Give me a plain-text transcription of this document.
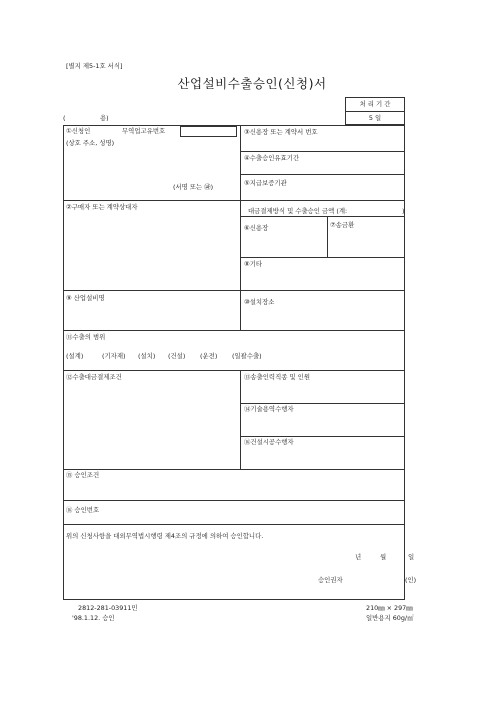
[별지 제5-1호 서식]
산업설비수출승인(신청)서
처 리 기 간
5 일
(	용)
①신청인	무역업고유번호
(상호 주소, 성명)
(서명 또는 ㉺)
②구매자 또는 계약상대자
⑨ 산업설비명
③신용장 또는 계약서 번호
④수출승인유효기간
⑤지급보증기관
대금결제방식 및 수출승인 금액 (계:	)
⑥신용장	⑦송금환
⑧기타
⑩설치장소
⑪수출의 범위
(설계)	(기자재) (설치) (건설) (운전) (일괄수출)
⑫수출대금결제조건	⑬송출인력직종 및 인원
⑭기술용역수행자
⑯건설시공수행자
⑮ 승인조건
⑯ 승인번호
위의 신청사항을 대외무역법시행령 제4조의 규정에 의하여 승인합니다.
년	월	일
승인권자	(인)
2812-281-03911민
'98.1.12. 승인
210㎜ × 297㎜
일반용지 60g/㎡
